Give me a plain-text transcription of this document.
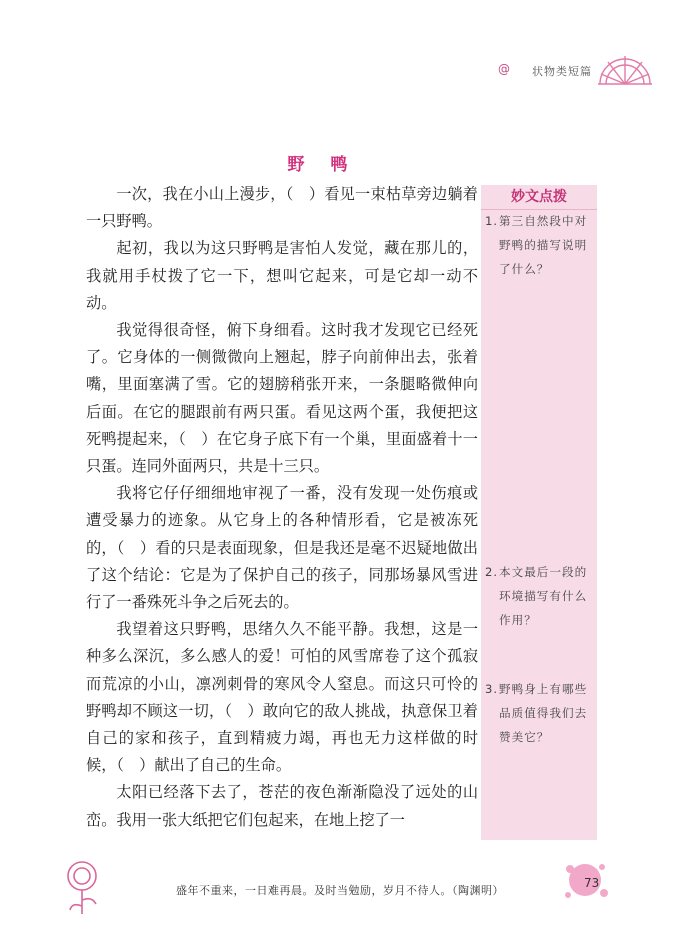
@ 状物类短篇
野 鸭

一次，我在小山上漫步，（　）看见一束枯草旁边躺着一只野鸭。

起初，我以为这只野鸭是害怕人发觉，藏在那儿的，我就用手杖拨了它一下，想叫它起来，可是它却一动不动。

我觉得很奇怪，俯下身细看。这时我才发现它已经死了。它身体的一侧微微向上翘起，脖子向前伸出去，张着嘴，里面塞满了雪。它的翅膀稍张开来，一条腿略微伸向后面。在它的腿跟前有两只蛋。看见这两个蛋，我便把这死鸭提起来，（　）在它身子底下有一个巢，里面盛着十一只蛋。连同外面两只，共是十三只。

我将它仔仔细细地审视了一番，没有发现一处伤痕或遭受暴力的迹象。从它身上的各种情形看，它是被冻死的，（　）看的只是表面现象，但是我还是毫不迟疑地做出了这个结论：它是为了保护自己的孩子，同那场暴风雪进行了一番殊死斗争之后死去的。

我望着这只野鸭，思绪久久不能平静。我想，这是一种多么深沉，多么感人的爱！可怕的风雪席卷了这个孤寂而荒凉的小山，凛冽刺骨的寒风令人窒息。而这只可怜的野鸭却不顾这一切，（　）敢向它的敌人挑战，执意保卫着自己的家和孩子，直到精疲力竭，再也无力这样做的时候，（　）献出了自己的生命。

太阳已经落下去了，苍茫的夜色渐渐隐没了远处的山峦。我用一张大纸把它们包起来，在地上挖了一

妙文点拨
1. 第三自然段中对野鸭的描写说明了什么？
2. 本文最后一段的环境描写有什么作用？
3. 野鸭身上有哪些品质值得我们去赞美它？
盛年不重来，一日难再晨。及时当勉励，岁月不待人。（陶渊明）
73
